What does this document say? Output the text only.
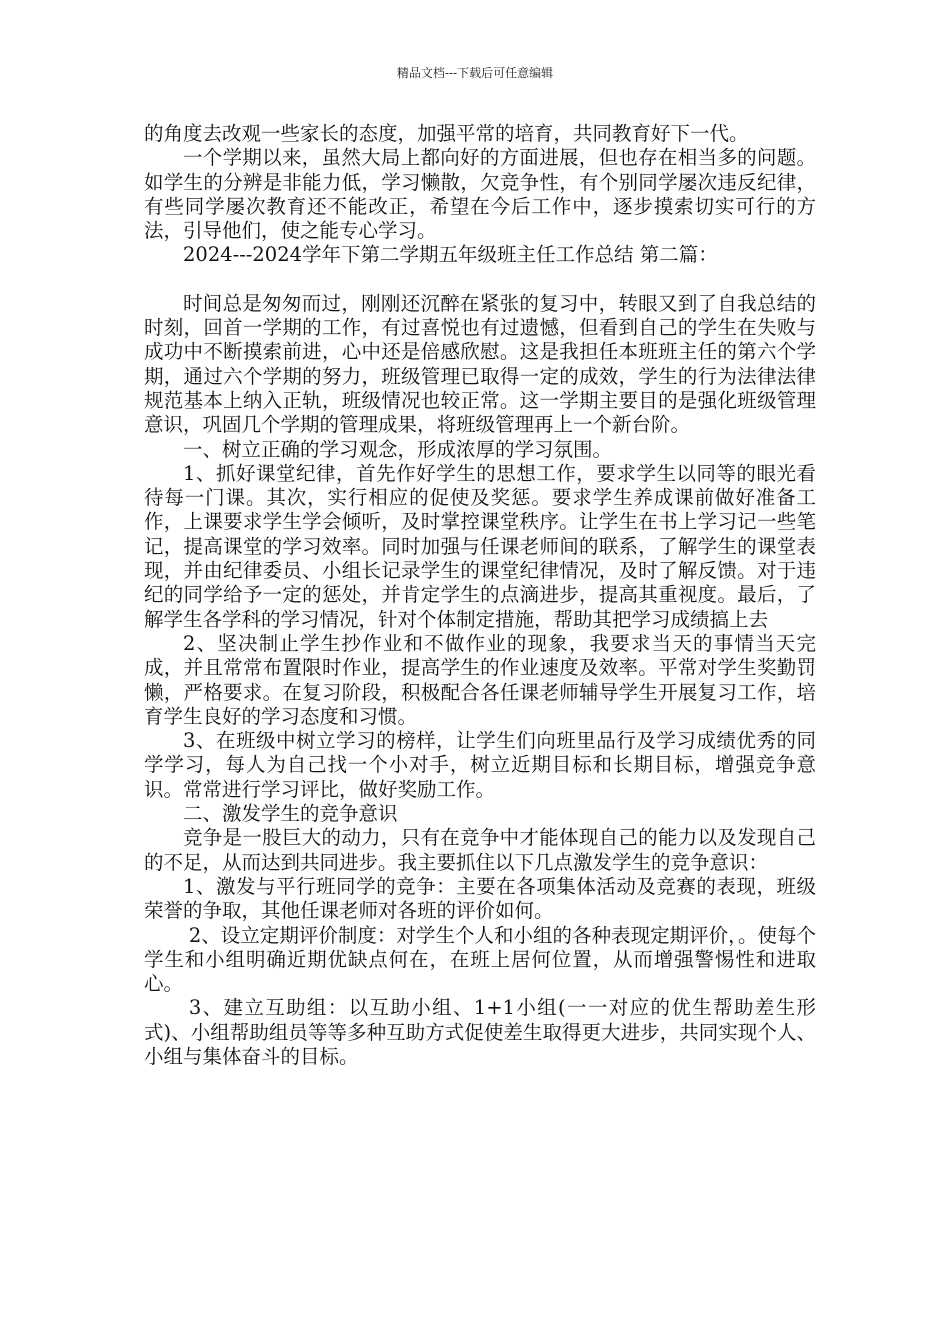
精品文档---下载后可任意编辑

的角度去改观一些家长的态度，加强平常的培育，共同教育好下一代。

一个学期以来，虽然大局上都向好的方面进展，但也存在相当多的问题。如学生的分辨是非能力低，学习懒散，欠竞争性，有个别同学屡次违反纪律，有些同学屡次教育还不能改正，希望在今后工作中，逐步摸索切实可行的方法，引导他们，使之能专心学习。

2024---2024学年下第二学期五年级班主任工作总结 第二篇：

时间总是匆匆而过，刚刚还沉醉在紧张的复习中，转眼又到了自我总结的时刻，回首一学期的工作，有过喜悦也有过遗憾，但看到自己的学生在失败与成功中不断摸索前进，心中还是倍感欣慰。这是我担任本班班主任的第六个学期，通过六个学期的努力，班级管理已取得一定的成效，学生的行为法律法律规范基本上纳入正轨，班级情况也较正常。这一学期主要目的是强化班级管理意识，巩固几个学期的管理成果，将班级管理再上一个新台阶。

一、树立正确的学习观念，形成浓厚的学习氛围。

1、抓好课堂纪律，首先作好学生的思想工作，要求学生以同等的眼光看待每一门课。其次，实行相应的促使及奖惩。要求学生养成课前做好准备工作，上课要求学生学会倾听，及时掌控课堂秩序。让学生在书上学习记一些笔记，提高课堂的学习效率。同时加强与任课老师间的联系，了解学生的课堂表现，并由纪律委员、小组长记录学生的课堂纪律情况，及时了解反馈。对于违纪的同学给予一定的惩处，并肯定学生的点滴进步，提高其重视度。最后，了解学生各学科的学习情况，针对个体制定措施，帮助其把学习成绩搞上去

2、坚决制止学生抄作业和不做作业的现象，我要求当天的事情当天完成，并且常常布置限时作业，提高学生的作业速度及效率。平常对学生奖勤罚懒，严格要求。在复习阶段，积极配合各任课老师辅导学生开展复习工作，培育学生良好的学习态度和习惯。

3、在班级中树立学习的榜样，让学生们向班里品行及学习成绩优秀的同学学习，每人为自己找一个小对手，树立近期目标和长期目标，增强竞争意识。常常进行学习评比，做好奖励工作。

二、激发学生的竞争意识

竞争是一股巨大的动力，只有在竞争中才能体现自己的能力以及发现自己的不足，从而达到共同进步。我主要抓住以下几点激发学生的竞争意识：

1、激发与平行班同学的竞争：主要在各项集体活动及竞赛的表现，班级荣誉的争取，其他任课老师对各班的评价如何。

2、设立定期评价制度：对学生个人和小组的各种表现定期评价，。使每个学生和小组明确近期优缺点何在，在班上居何位置，从而增强警惕性和进取心。

3、建立互助组：以互助小组、1+1小组(一一对应的优生帮助差生形式)、小组帮助组员等等多种互助方式促使差生取得更大进步，共同实现个人、小组与集体奋斗的目标。
